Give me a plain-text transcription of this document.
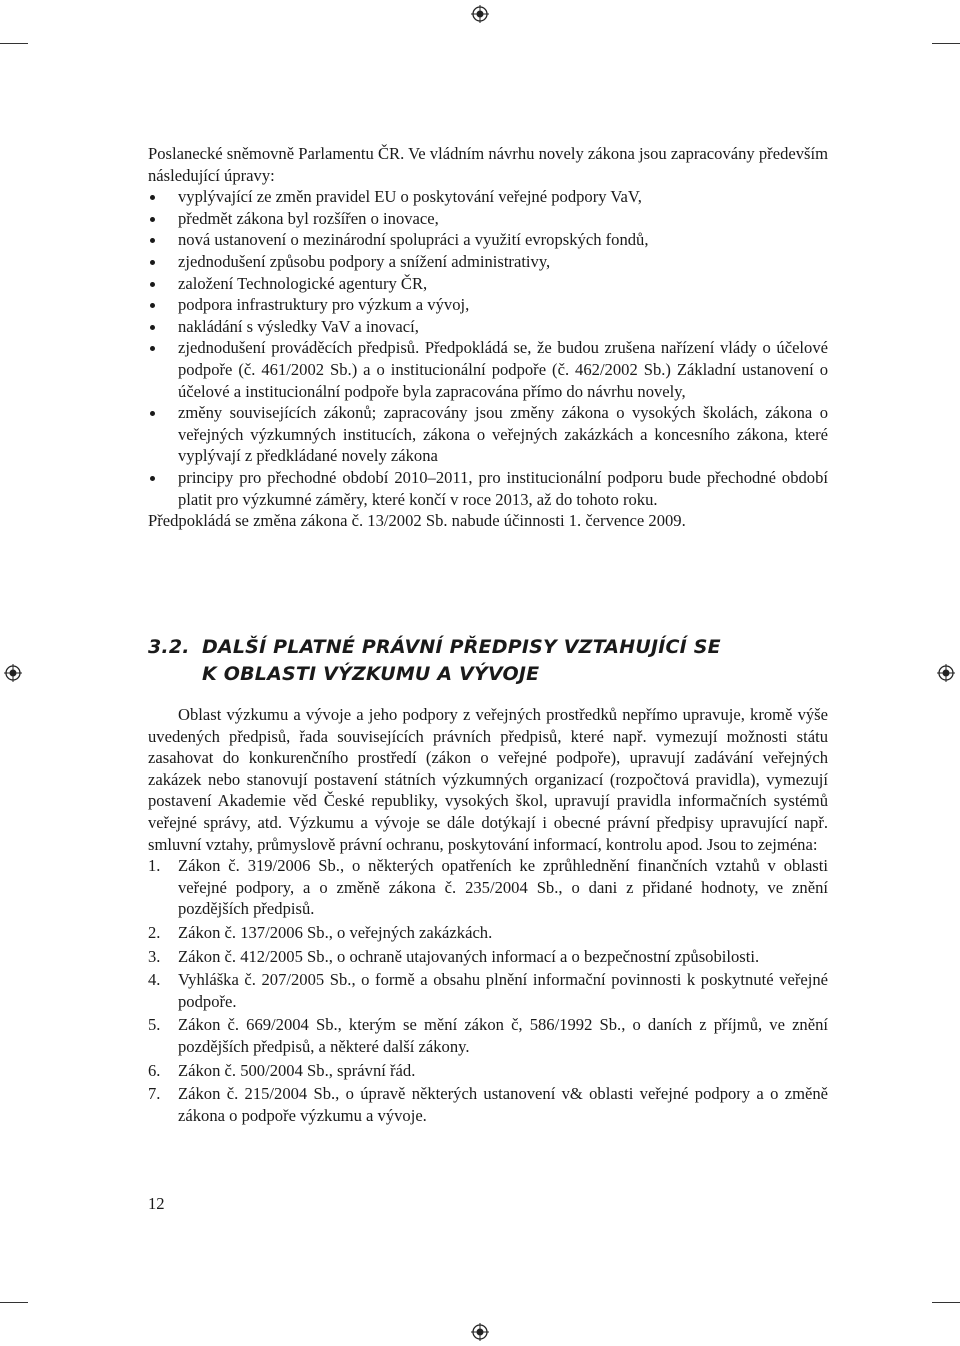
Poslanecké sněmovně Parlamentu ČR. Ve vládním návrhu novely zákona jsou zapracovány především následující úpravy:

vyplývající ze změn pravidel EU o poskytování veřejné podpory VaV,
předmět zákona byl rozšířen o inovace,
nová ustanovení o mezinárodní spolupráci a využití evropských fondů,
zjednodušení způsobu podpory a snížení administrativy,
založení Technologické agentury ČR,
podpora infrastruktury pro výzkum a vývoj,
nakládání s výsledky VaV a inovací,
zjednodušení prováděcích předpisů. Předpokládá se, že budou zrušena nařízení vlády o účelové podpoře (č. 461/2002 Sb.) a o institucionální podpoře (č. 462/2002 Sb.) Základní ustanovení o účelové a institucionální podpoře byla zapracována přímo do návrhu novely,
změny souvisejících zákonů; zapracovány jsou změny zákona o vysokých školách, zákona o veřejných výzkumných institucích, zákona o veřejných zakázkách a koncesního zákona, které vyplývají z předkládané novely zákona
principy pro přechodné období 2010–2011, pro institucionální podporu bude přechodné období platit pro výzkumné záměry, které končí v roce 2013, až do tohoto roku.

Předpokládá se změna zákona č. 13/2002 Sb. nabude účinnosti 1. července 2009.

3.2. DALŠÍ PLATNÉ PRÁVNÍ PŘEDPISY VZTAHUJÍCÍ SE
K OBLASTI VÝZKUMU A VÝVOJE

Oblast výzkumu a vývoje a jeho podpory z veřejných prostředků nepřímo upravuje, kromě výše uvedených předpisů, řada souvisejících právních předpisů, které např. vymezují možnosti státu zasahovat do konkurenčního prostředí (zákon o veřejné podpoře), upravují zadávání veřejných zakázek nebo stanovují postavení státních výzkumných organizací (rozpočtová pravidla), vymezují postavení Akademie věd České republiky, vysokých škol, upravují pravidla informačních systémů veřejné správy, atd. Výzkumu a vývoje se dále dotýkají i obecné právní předpisy upravující např. smluvní vztahy, průmyslově právní ochranu, poskytování informací, kontrolu apod. Jsou to zejména:

1. Zákon č. 319/2006 Sb., o některých opatřeních ke zprůhlednění finančních vztahů v oblasti veřejné podpory, a o změně zákona č. 235/2004 Sb., o dani z přidané hodnoty, ve znění pozdějších předpisů.
2. Zákon č. 137/2006 Sb., o veřejných zakázkách.
3. Zákon č. 412/2005 Sb., o ochraně utajovaných informací a o bezpečnostní způsobilosti.
4. Vyhláška č. 207/2005 Sb., o formě a obsahu plnění informační povinnosti k poskytnuté veřejné podpoře.
5. Zákon č. 669/2004 Sb., kterým se mění zákon č, 586/1992 Sb., o daních z příjmů, ve znění pozdějších předpisů, a některé další zákony.
6. Zákon č. 500/2004 Sb., správní řád.
7. Zákon č. 215/2004 Sb., o úpravě některých ustanovení v& oblasti veřejné podpory a o změně zákona o podpoře výzkumu a vývoje.
12
